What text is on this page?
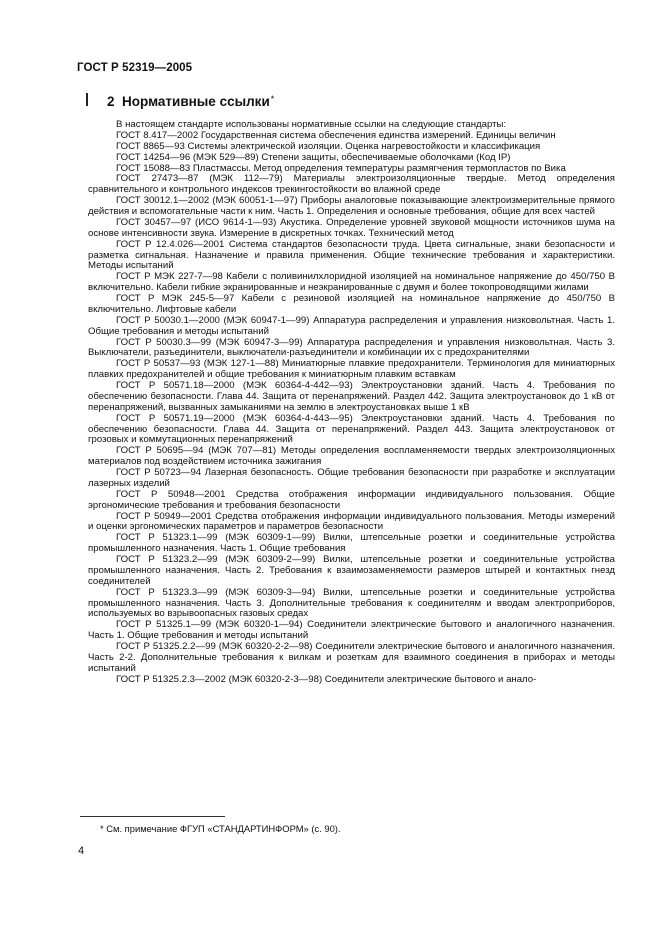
ГОСТ Р 52319—2005
2 Нормативные ссылки*

В настоящем стандарте использованы нормативные ссылки на следующие стандарты:

ГОСТ 8.417—2002 Государственная система обеспечения единства измерений. Единицы величин

ГОСТ 8865—93 Системы электрической изоляции. Оценка нагревостойкости и классификация

ГОСТ 14254—96 (МЭК 529—89) Степени защиты, обеспечиваемые оболочками (Код IP)

ГОСТ 15088—83 Пластмассы. Метод определения температуры размягчения термопластов по Вика

ГОСТ 27473—87 (МЭК 112—79) Материалы электроизоляционные твердые. Метод определения сравнительного и контрольного индексов трекингостойкости во влажной среде

ГОСТ 30012.1—2002 (МЭК 60051-1—97) Приборы аналоговые показывающие электроизмерительные прямого действия и вспомогательные части к ним. Часть 1. Определения и основные требования, общие для всех частей

ГОСТ 30457—97 (ИСО 9614-1—93) Акустика. Определение уровней звуковой мощности источников шума на основе интенсивности звука. Измерение в дискретных точках. Технический метод

ГОСТ Р 12.4.026—2001 Система стандартов безопасности труда. Цвета сигнальные, знаки безопасности и разметка сигнальная. Назначение и правила применения. Общие технические требования и характеристики. Методы испытаний

ГОСТ Р МЭК 227-7—98 Кабели с поливинилхлоридной изоляцией на номинальное напряжение до 450/750 В включительно. Кабели гибкие экранированные и неэкранированные с двумя и более токопроводящими жилами

ГОСТ Р МЭК 245-5—97 Кабели с резиновой изоляцией на номинальное напряжение до 450/750 В включительно. Лифтовые кабели

ГОСТ Р 50030.1—2000 (МЭК 60947-1—99) Аппаратура распределения и управления низковольтная. Часть 1. Общие требования и методы испытаний

ГОСТ Р 50030.3—99 (МЭК 60947-3—99) Аппаратура распределения и управления низковольтная. Часть 3. Выключатели, разъединители, выключатели-разъединители и комбинации их с предохранителями

ГОСТ Р 50537—93 (МЭК 127-1—88) Миниатюрные плавкие предохранители. Терминология для миниатюрных плавких предохранителей и общие требования к миниатюрным плавким вставкам

ГОСТ Р 50571.18—2000 (МЭК 60364-4-442—93) Электроустановки зданий. Часть 4. Требования по обеспечению безопасности. Глава 44. Защита от перенапряжений. Раздел 442. Защита электроустановок до 1 кВ от перенапряжений, вызванных замыканиями на землю в электроустановках выше 1 кВ

ГОСТ Р 50571.19—2000 (МЭК 60364-4-443—95) Электроустановки зданий. Часть 4. Требования по обеспечению безопасности. Глава 44. Защита от перенапряжений. Раздел 443. Защита электроустановок от грозовых и коммутационных перенапряжений

ГОСТ Р 50695—94 (МЭК 707—81) Методы определения воспламеняемости твердых электроизоляционных материалов под воздействием источника зажигания

ГОСТ Р 50723—94 Лазерная безопасность. Общие требования безопасности при разработке и эксплуатации лазерных изделий

ГОСТ Р 50948—2001 Средства отображения информации индивидуального пользования. Общие эргономические требования и требования безопасности

ГОСТ Р 50949—2001 Средства отображения информации индивидуального пользования. Методы измерений и оценки эргономических параметров и параметров безопасности

ГОСТ Р 51323.1—99 (МЭК 60309-1—99) Вилки, штепсельные розетки и соединительные устройства промышленного назначения. Часть 1. Общие требования

ГОСТ Р 51323.2—99 (МЭК 60309-2—99) Вилки, штепсельные розетки и соединительные устройства промышленного назначения. Часть 2. Требования к взаимозаменяемости размеров штырей и контактных гнезд соединителей

ГОСТ Р 51323.3—99 (МЭК 60309-3—94) Вилки, штепсельные розетки и соединительные устройства промышленного назначения. Часть 3. Дополнительные требования к соединителям и вводам электроприборов, используемых во взрывоопасных газовых средах

ГОСТ Р 51325.1—99 (МЭК 60320-1—94) Соединители электрические бытового и аналогичного назначения. Часть 1. Общие требования и методы испытаний

ГОСТ Р 51325.2.2—99 (МЭК 60320-2-2—98) Соединители электрические бытового и аналогичного назначения. Часть 2-2. Дополнительные требования к вилкам и розеткам для взаимного соединения в приборах и методы испытаний

ГОСТ Р 51325.2.3—2002 (МЭК 60320-2-3—98) Соединители электрические бытового и анало-

* См. примечание ФГУП «СТАНДАРТИНФОРМ» (с. 90).
4
